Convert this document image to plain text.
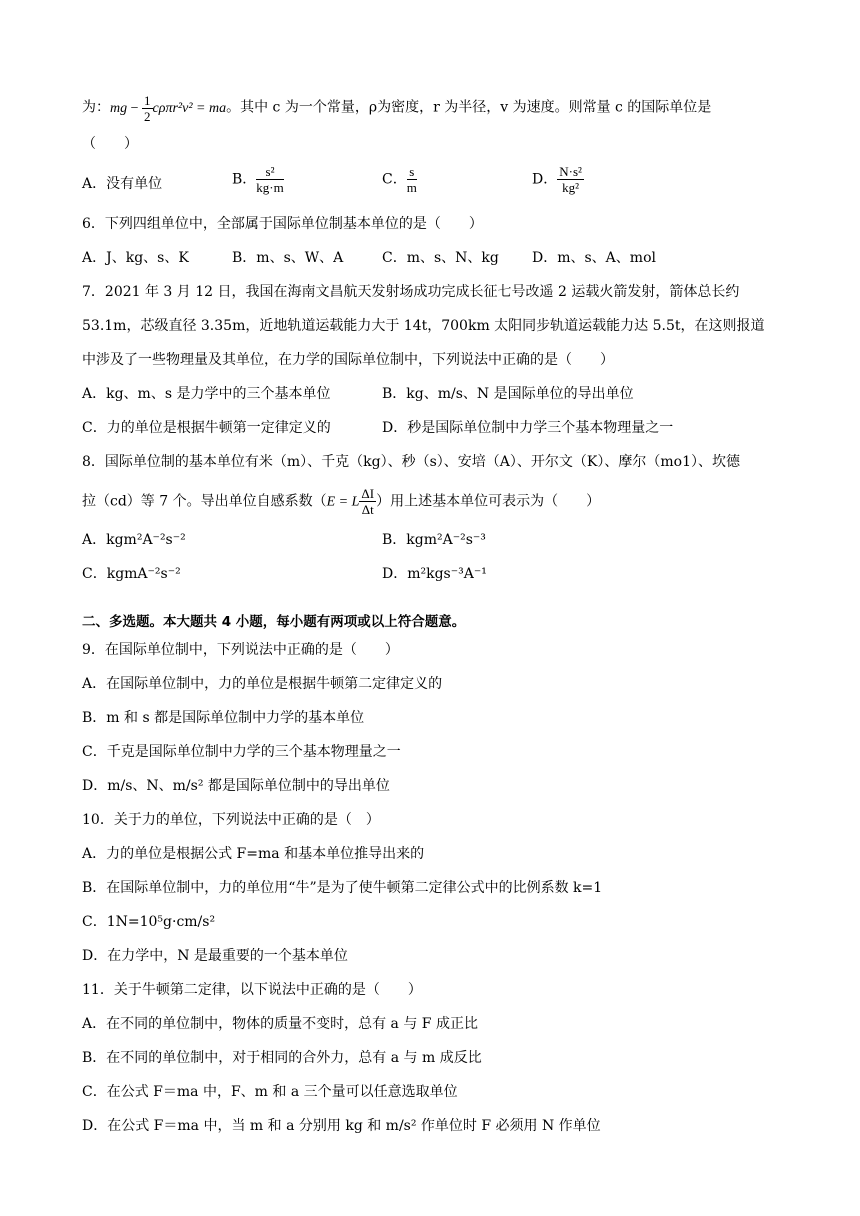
为：mg − $\frac{1}{2} c\rho\pi r^2v^2$ = ma。其中 c 为一个常量，ρ为密度，r 为半径，v 为速度。则常量 c 的国际单位是
（　　）
A．没有单位	B． $\frac{\text{s²}}{kg\cdot m}$	C． $\frac{s}{m}$	D． $\frac{\text{N·s²}}{\text{kg²}}$
6．下列四组单位中，全部属于国际单位制基本单位的是（　　）
A．J、kg、s、K	B．m、s、W、A	C．m、s、N、kg D．m、s、A、mol
7．2021 年 3 月 12 日，我国在海南文昌航天发射场成功完成长征七号改遥 2 运载火箭发射，箭体总长约
53.1m，芯级直径 3.35m，近地轨道运载能力大于 14t，700km 太阳同步轨道运载能力达 5.5t，在这则报道
中涉及了一些物理量及其单位，在力学的国际单位制中，下列说法中正确的是（　　）
A．kg、m、s 是力学中的三个基本单位	B．kg、m/s、N 是国际单位的导出单位
C．力的单位是根据牛顿第一定律定义的	D．秒是国际单位制中力学三个基本物理量之一
8．国际单位制的基本单位有米（m）、千克（kg）、秒（s）、安培（A）、开尔文（K）、摩尔（mo1）、坎德
拉（cd）等 7 个。导出单位自感系数（E = L $\frac{\Delta I}{\Delta t}$ ）用上述基本单位可表示为（　　）
A．kgm²A⁻²s⁻²	B．kgm²A⁻²s⁻³
C．kgmA⁻²s⁻²	D．m²kgs⁻³A⁻¹
二、多选题。本大题共 4 小题，每小题有两项或以上符合题意。
9．在国际单位制中，下列说法中正确的是（　　）
A．在国际单位制中，力的单位是根据牛顿第二定律定义的
B．m 和 s 都是国际单位制中力学的基本单位
C．千克是国际单位制中力学的三个基本物理量之一
D．m/s、N、m/s² 都是国际单位制中的导出单位
10．关于力的单位，下列说法中正确的是（　）
A．力的单位是根据公式 F=ma 和基本单位推导出来的
B．在国际单位制中，力的单位用“牛”是为了使牛顿第二定律公式中的比例系数 k=1
C．1N=10⁵g·cm/s²
D．在力学中，N 是最重要的一个基本单位
11．关于牛顿第二定律，以下说法中正确的是（　　）
A．在不同的单位制中，物体的质量不变时，总有 a 与 F 成正比
B．在不同的单位制中，对于相同的合外力，总有 a 与 m 成反比
C．在公式 F＝ma 中，F、m 和 a 三个量可以任意选取单位
D．在公式 F＝ma 中，当 m 和 a 分别用 kg 和 m/s² 作单位时 F 必须用 N 作单位
